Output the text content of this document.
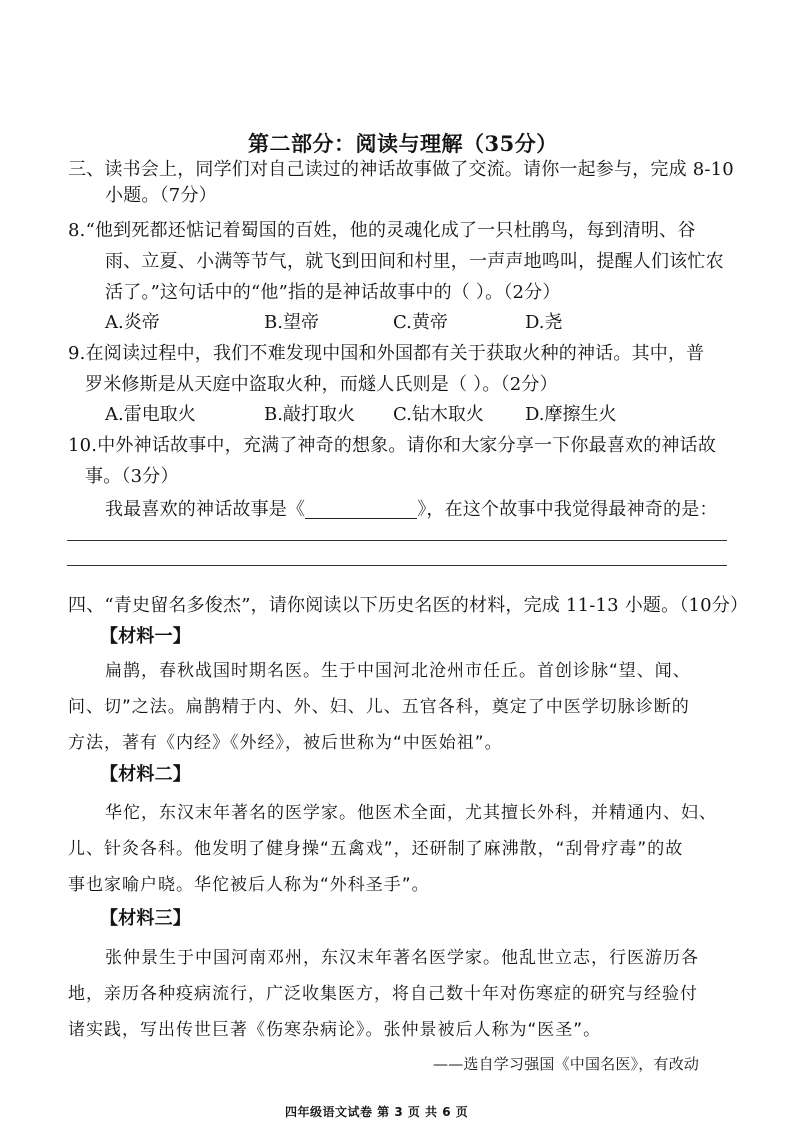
第二部分：阅读与理解（35分）
三、读书会上，同学们对自己读过的神话故事做了交流。请你一起参与，完成 8-10
小题。（7分）
8.“他到死都还惦记着蜀国的百姓，他的灵魂化成了一只杜鹃鸟，每到清明、谷
雨、立夏、小满等节气，就飞到田间和村里，一声声地鸣叫，提醒人们该忙农
活了。”这句话中的“他”指的是神话故事中的（ ）。（2分）
A.炎帝	B.望帝	C.黄帝	D.尧
9.在阅读过程中，我们不难发现中国和外国都有关于获取火种的神话。其中，普
罗米修斯是从天庭中盗取火种，而燧人氏则是（ ）。（2分）
A.雷电取火	B.敲打取火 C.钻木取火 D.摩擦生火
10.中外神话故事中，充满了神奇的想象。请你和大家分享一下你最喜欢的神话故
事。（3分）
我最喜欢的神话故事是《	》，在这个故事中我觉得最神奇的是：
四、“青史留名多俊杰”，请你阅读以下历史名医的材料，完成 11-13 小题。（10分）
【材料一】
扁鹊，春秋战国时期名医。生于中国河北沧州市任丘。首创诊脉“望、闻、
问、切”之法。扁鹊精于内、外、妇、儿、五官各科，奠定了中医学切脉诊断的
方法，著有《内经》《外经》，被后世称为“中医始祖”。
【材料二】
华佗，东汉末年著名的医学家。他医术全面，尤其擅长外科，并精通内、妇、
儿、针灸各科。他发明了健身操“五禽戏”，还研制了麻沸散，“刮骨疗毒”的故
事也家喻户晓。华佗被后人称为“外科圣手”。
【材料三】
张仲景生于中国河南邓州，东汉末年著名医学家。他乱世立志，行医游历各
地，亲历各种疫病流行，广泛收集医方，将自己数十年对伤寒症的研究与经验付
诸实践，写出传世巨著《伤寒杂病论》。张仲景被后人称为“医圣”。
——选自学习强国《中国名医》，有改动
四年级语文试卷 第 3 页 共 6 页
